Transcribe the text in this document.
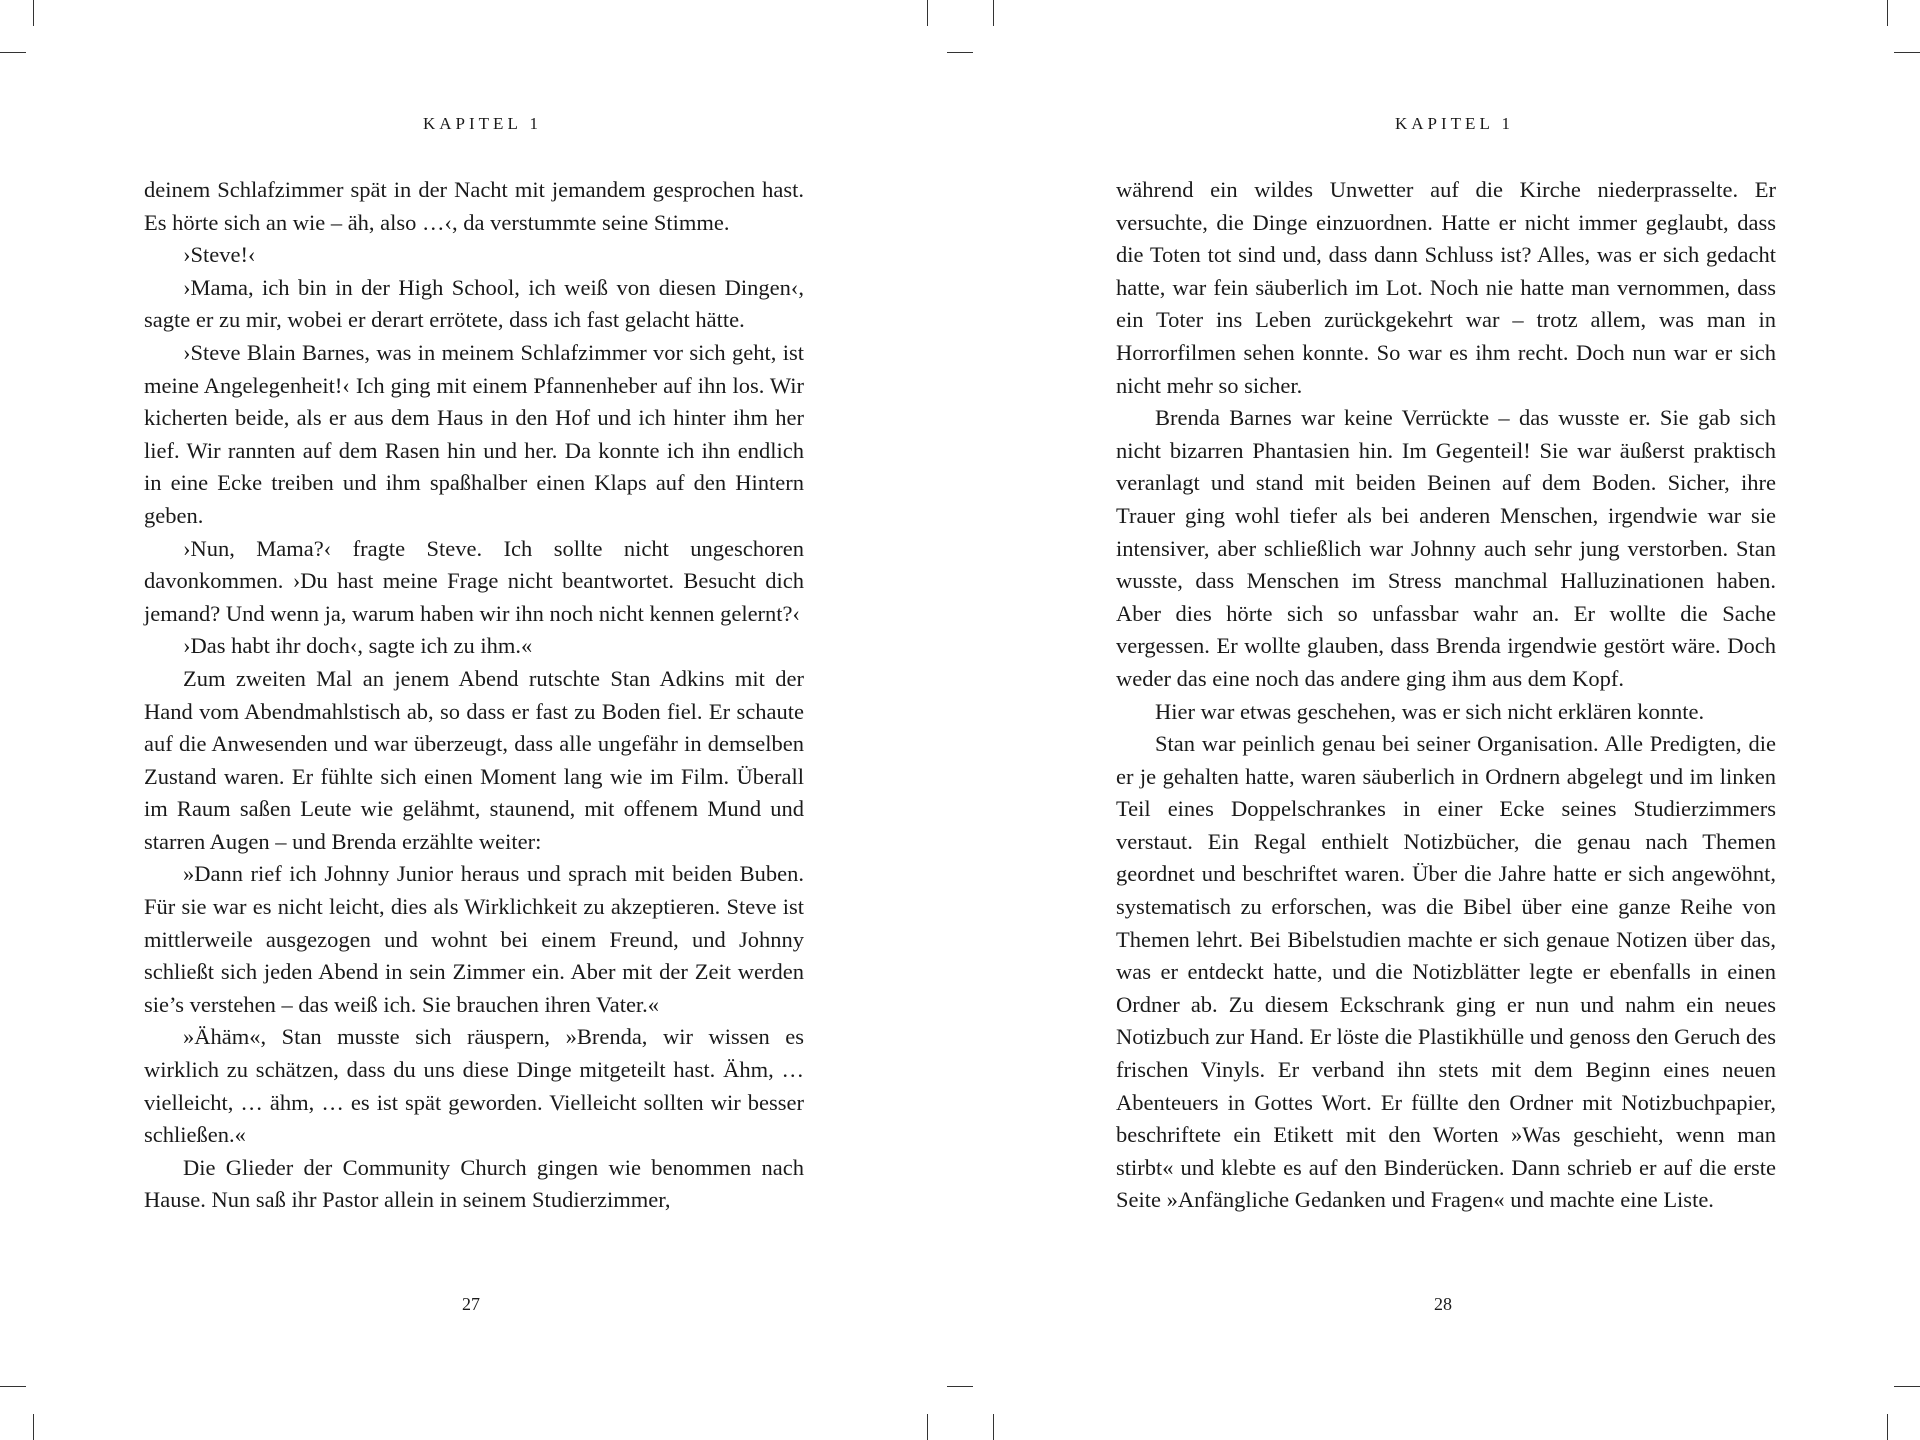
KAPITEL 1

deinem Schlafzimmer spät in der Nacht mit jemandem gesprochen hast. Es hörte sich an wie – äh, also …‹, da verstummte seine Stimme.

›Steve!‹

›Mama, ich bin in der High School, ich weiß von diesen Dingen‹, sagte er zu mir, wobei er derart errötete, dass ich fast gelacht hätte.

›Steve Blain Barnes, was in meinem Schlafzimmer vor sich geht, ist meine Angelegenheit!‹ Ich ging mit einem Pfannenheber auf ihn los. Wir kicherten beide, als er aus dem Haus in den Hof und ich hinter ihm her lief. Wir rannten auf dem Rasen hin und her. Da konnte ich ihn endlich in eine Ecke treiben und ihm spaßhalber einen Klaps auf den Hintern geben.

›Nun, Mama?‹ fragte Steve. Ich sollte nicht ungeschoren davonkommen. ›Du hast meine Frage nicht beantwortet. Besucht dich jemand? Und wenn ja, warum haben wir ihn noch nicht kennen gelernt?‹

›Das habt ihr doch‹, sagte ich zu ihm.«

Zum zweiten Mal an jenem Abend rutschte Stan Adkins mit der Hand vom Abendmahlstisch ab, so dass er fast zu Boden fiel. Er schaute auf die Anwesenden und war überzeugt, dass alle ungefähr in demselben Zustand waren. Er fühlte sich einen Moment lang wie im Film. Überall im Raum saßen Leute wie gelähmt, staunend, mit offenem Mund und starren Augen – und Brenda erzählte weiter:

»Dann rief ich Johnny Junior heraus und sprach mit beiden Buben. Für sie war es nicht leicht, dies als Wirklichkeit zu akzeptieren. Steve ist mittlerweile ausgezogen und wohnt bei einem Freund, und Johnny schließt sich jeden Abend in sein Zimmer ein. Aber mit der Zeit werden sie’s verstehen – das weiß ich. Sie brauchen ihren Vater.«

»Ähäm«, Stan musste sich räuspern, »Brenda, wir wissen es wirklich zu schätzen, dass du uns diese Dinge mitgeteilt hast. Ähm, … vielleicht, … ähm, … es ist spät geworden. Vielleicht sollten wir besser schließen.«

Die Glieder der Community Church gingen wie benommen nach Hause. Nun saß ihr Pastor allein in seinem Studierzimmer,

27
KAPITEL 1

während ein wildes Unwetter auf die Kirche niederprasselte. Er versuchte, die Dinge einzuordnen. Hatte er nicht immer geglaubt, dass die Toten tot sind und, dass dann Schluss ist? Alles, was er sich gedacht hatte, war fein säuberlich im Lot. Noch nie hatte man vernommen, dass ein Toter ins Leben zurückgekehrt war – trotz allem, was man in Horrorfilmen sehen konnte. So war es ihm recht. Doch nun war er sich nicht mehr so sicher.

Brenda Barnes war keine Verrückte – das wusste er. Sie gab sich nicht bizarren Phantasien hin. Im Gegenteil! Sie war äußerst praktisch veranlagt und stand mit beiden Beinen auf dem Boden. Sicher, ihre Trauer ging wohl tiefer als bei anderen Menschen, irgendwie war sie intensiver, aber schließlich war Johnny auch sehr jung verstorben. Stan wusste, dass Menschen im Stress manchmal Halluzinationen haben. Aber dies hörte sich so unfassbar wahr an. Er wollte die Sache vergessen. Er wollte glauben, dass Brenda irgendwie gestört wäre. Doch weder das eine noch das andere ging ihm aus dem Kopf.

Hier war etwas geschehen, was er sich nicht erklären konnte.

Stan war peinlich genau bei seiner Organisation. Alle Predigten, die er je gehalten hatte, waren säuberlich in Ordnern abgelegt und im linken Teil eines Doppelschrankes in einer Ecke seines Studierzimmers verstaut. Ein Regal enthielt Notizbücher, die genau nach Themen geordnet und beschriftet waren. Über die Jahre hatte er sich angewöhnt, systematisch zu erforschen, was die Bibel über eine ganze Reihe von Themen lehrt. Bei Bibelstudien machte er sich genaue Notizen über das, was er entdeckt hatte, und die Notizblätter legte er ebenfalls in einen Ordner ab. Zu diesem Eckschrank ging er nun und nahm ein neues Notizbuch zur Hand. Er löste die Plastikhülle und genoss den Geruch des frischen Vinyls. Er verband ihn stets mit dem Beginn eines neuen Abenteuers in Gottes Wort. Er füllte den Ordner mit Notizbuchpapier, beschriftete ein Etikett mit den Worten »Was geschieht, wenn man stirbt« und klebte es auf den Binderücken. Dann schrieb er auf die erste Seite »Anfängliche Gedanken und Fragen« und machte eine Liste.

28
